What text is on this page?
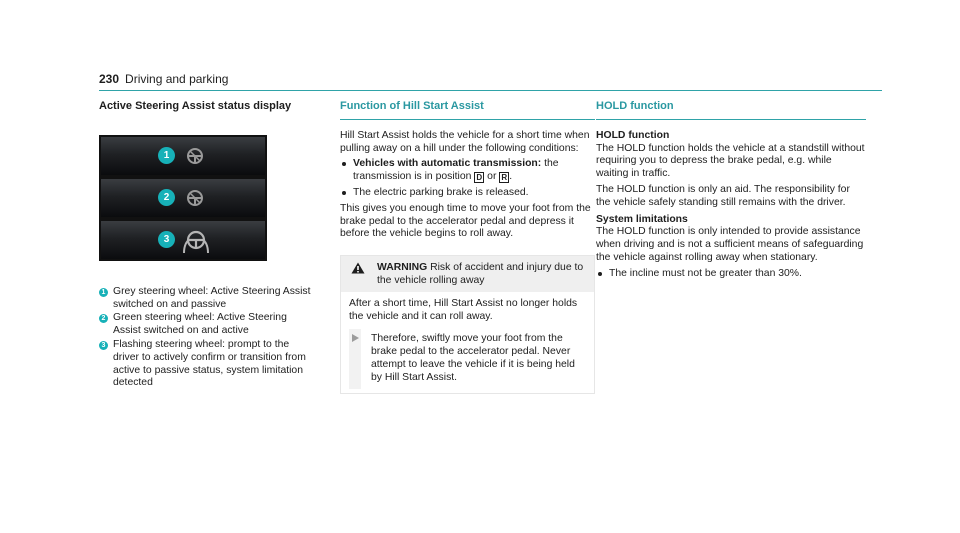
230 Driving and parking
Active Steering Assist status display
1
2
3
1 Grey steering wheel: Active Steering Assist switched on and passive
2 Green steering wheel: Active Steering Assist switched on and active
3 Flashing steering wheel: prompt to the driver to actively confirm or transition from active to passive status, system limitation detected
Function of Hill Start Assist

Hill Start Assist holds the vehicle for a short time when pulling away on a hill under the following conditions:

Vehicles with automatic transmission: the transmission is in position D or R .
The electric parking brake is released.

This gives you enough time to move your foot from the brake pedal to the accelerator pedal and depress it before the vehicle begins to roll away.

WARNING Risk of accident and injury due to the vehicle rolling away

After a short time, Hill Start Assist no longer holds the vehicle and it can roll away.

Therefore, swiftly move your foot from the brake pedal to the accelerator pedal. Never attempt to leave the vehicle if it is being held by Hill Start Assist.
HOLD function
HOLD function

The HOLD function holds the vehicle at a standstill without requiring you to depress the brake pedal, e.g. while waiting in traffic.

The HOLD function is only an aid. The responsibility for the vehicle safely standing still remains with the driver.

System limitations

The HOLD function is only intended to provide assistance when driving and is not a sufficient means of safeguarding the vehicle against rolling away when stationary.

The incline must not be greater than 30%.
